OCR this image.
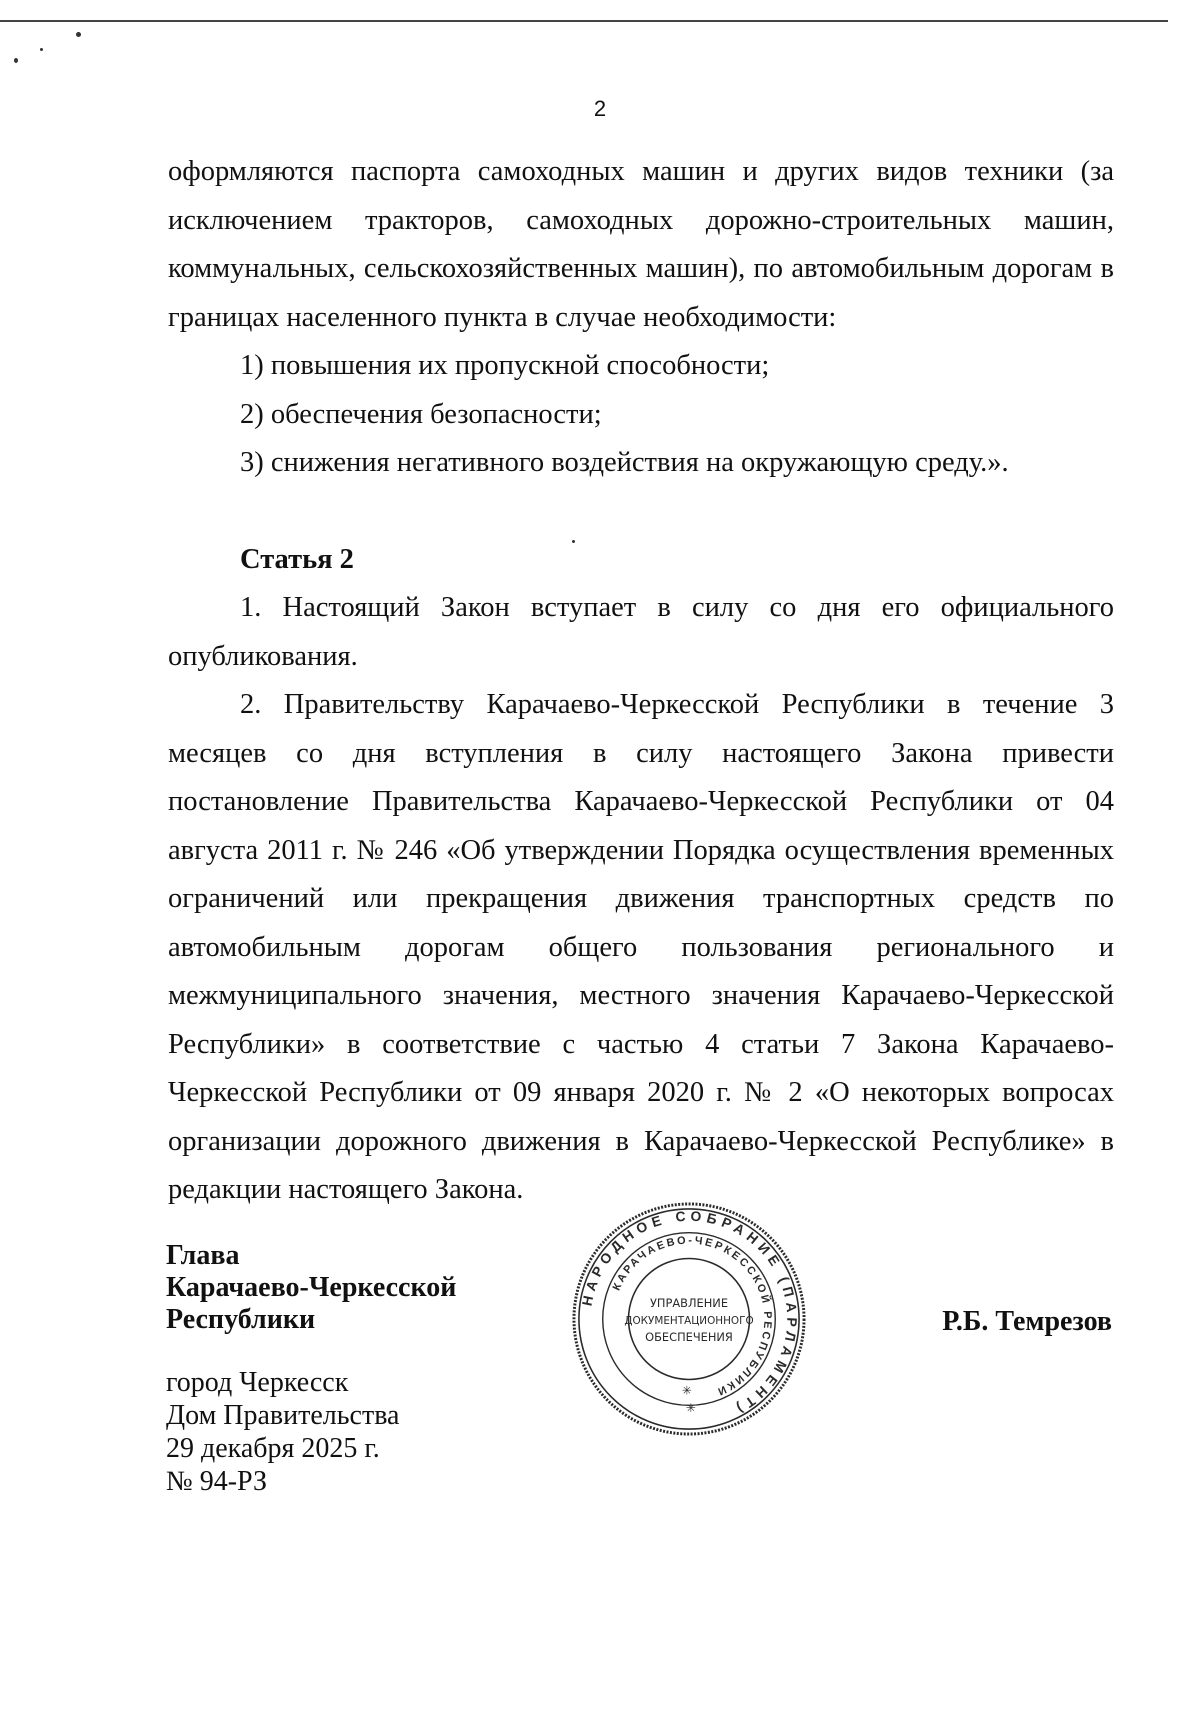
2

оформляются паспорта самоходных машин и других видов техники (за исключением тракторов, самоходных дорожно-строительных машин, коммунальных, сельскохозяйственных машин), по автомобильным дорогам в границах населенного пункта в случае необходимости:

1) повышения их пропускной способности;

2) обеспечения безопасности;

3) снижения негативного воздействия на окружающую среду.».

Статья 2

1. Настоящий Закон вступает в силу со дня его официального опубликования.

2. Правительству Карачаево-Черкесской Республики в течение 3 месяцев со дня вступления в силу настоящего Закона привести постановление Правительства Карачаево-Черкесской Республики от 04 августа 2011 г. № 246 «Об утверждении Порядка осуществления временных ограничений или прекращения движения транспортных средств по автомобильным дорогам общего пользования регионального и межмуниципального значения, местного значения Карачаево-Черкесской Республики» в соответствие с частью 4 статьи 7 Закона Карачаево-Черкесской Республики от 09 января 2020 г. № 2 «О некоторых вопросах организации дорожного движения в Карачаево-Черкесской Республике» в редакции настоящего Закона.

Глава
Карачаево-Черкесской
Республики
НАРОДНОЕ СОБРАНИЕ (ПАРЛАМЕНТ)
КАРАЧАЕВО-ЧЕРКЕССКОЙ РЕСПУБЛИКИ
УПРАВЛЕНИЕ
ДОКУМЕНТАЦИОННОГО
ОБЕСПЕЧЕНИЯ
✳
✳
Р.Б. Темрезов
город Черкесск
Дом Правительства
29 декабря 2025 г.
№ 94-РЗ
